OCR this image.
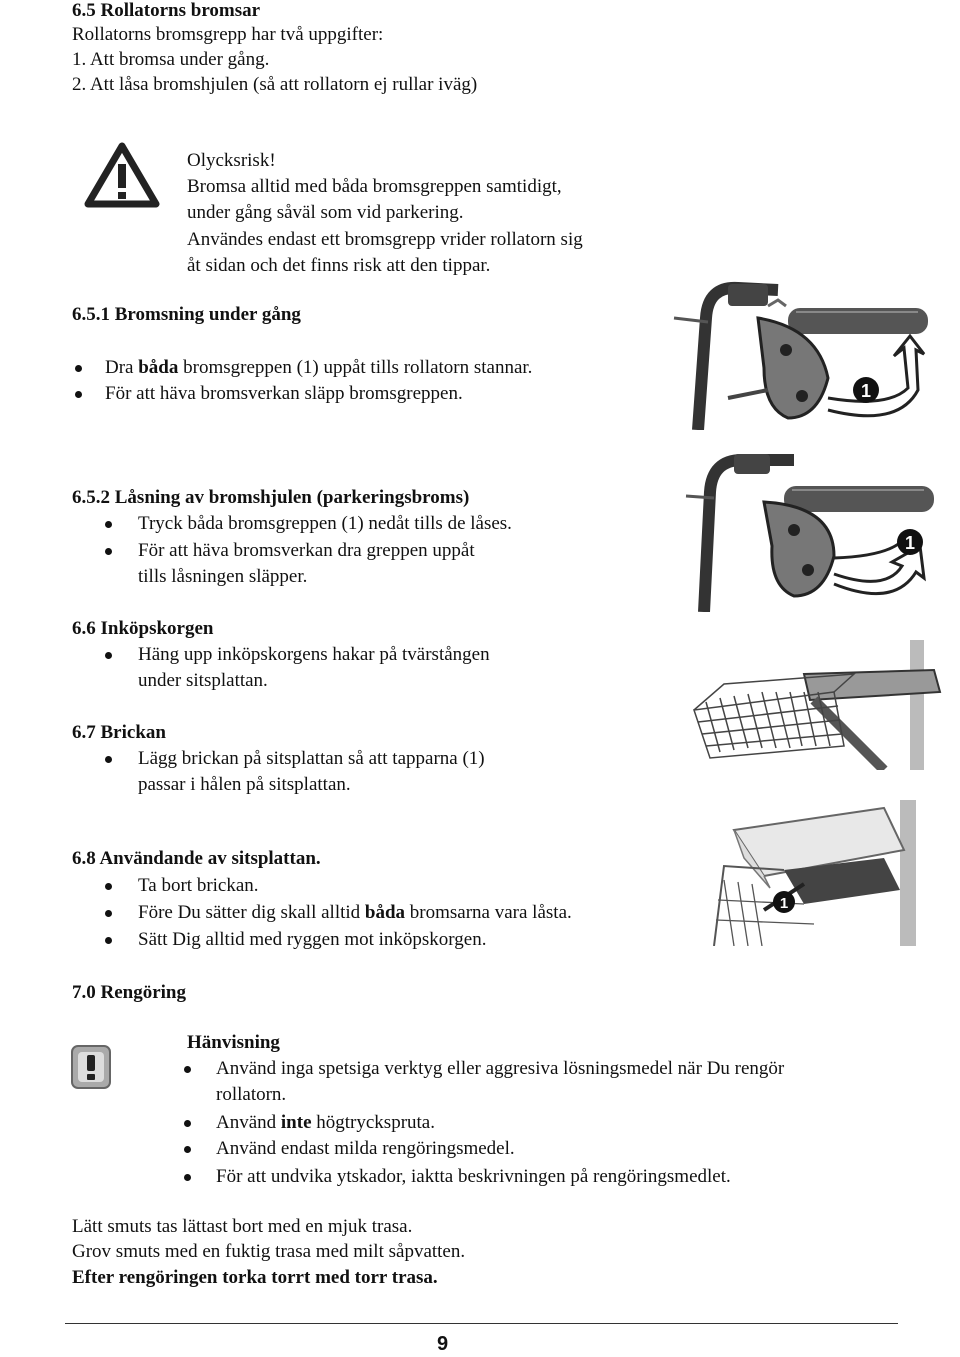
6.5 Rollatorns bromsar
Rollatorns bromsgrepp har två uppgifter:
1. Att bromsa under gång.
2. Att låsa bromshjulen (så att rollatorn ej rullar iväg)
Olycksrisk!
Bromsa alltid med båda bromsgreppen samtidigt,
under gång såväl som vid parkering.
Användes endast ett bromsgrepp vrider rollatorn sig
åt sidan och det finns risk att den tippar.
6.5.1 Bromsning under gång
Dra båda bromsgreppen (1) uppåt tills rollatorn stannar.
För att häva bromsverkan släpp bromsgreppen.	1
6.5.2 Låsning av bromshjulen (parkeringsbroms)
Tryck båda bromsgreppen (1) nedåt tills de låses.
För att häva bromsverkan dra greppen uppåt
tills låsningen släpper.
1
6.6 Inköpskorgen
Häng upp inköpskorgens hakar på tvärstången
under sitsplattan.
6.7 Brickan
Lägg brickan på sitsplattan så att tapparna (1)
passar i hålen på sitsplattan.
1
6.8 Användande av sitsplattan.
Ta bort brickan.
Före Du sätter dig skall alltid båda bromsarna vara låsta.
Sätt Dig alltid med ryggen mot inköpskorgen.
7.0 Rengöring
Hänvisning
Använd inga spetsiga verktyg eller aggresiva lösningsmedel när Du rengör
rollatorn.
Använd inte högtryckspruta.
Använd endast milda rengöringsmedel.
För att undvika ytskador, iaktta beskrivningen på rengöringsmedlet.
Lätt smuts tas lättast bort med en mjuk trasa.
Grov smuts med en fuktig trasa med milt såpvatten.
Efter rengöringen torka torrt med torr trasa.
9
